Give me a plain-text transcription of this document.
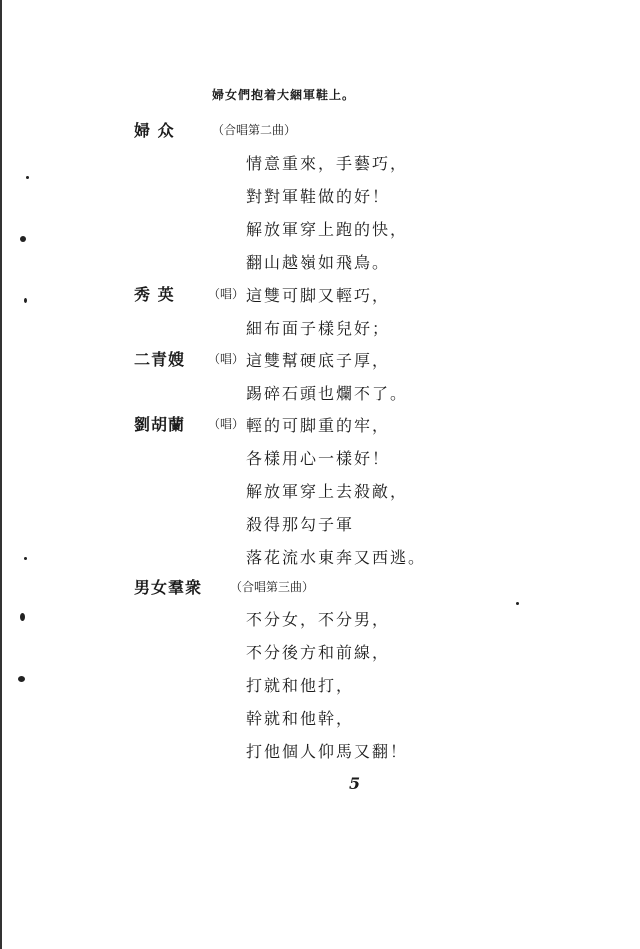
婦女們抱着大綑軍鞋上。
婦 众	（合唱第二曲）
情意重來，手藝巧，
對對軍鞋做的好！
解放軍穿上跑的快，
翻山越嶺如飛鳥。
秀 英	（唱） 這雙可脚又輕巧，
細布面子樣兒好；
二青嫂 （唱） 這雙幫硬底子厚，
踢碎石頭也爛不了。
劉胡蘭 （唱） 輕的可脚重的牢，
各樣用心一樣好！
解放軍穿上去殺敵，
殺得那勾子軍
落花流水東奔又西逃。
男女羣衆 （合唱第三曲）
不分女，不分男，
不分後方和前線，
打就和他打，
幹就和他幹，
打他個人仰馬又翻！
5
